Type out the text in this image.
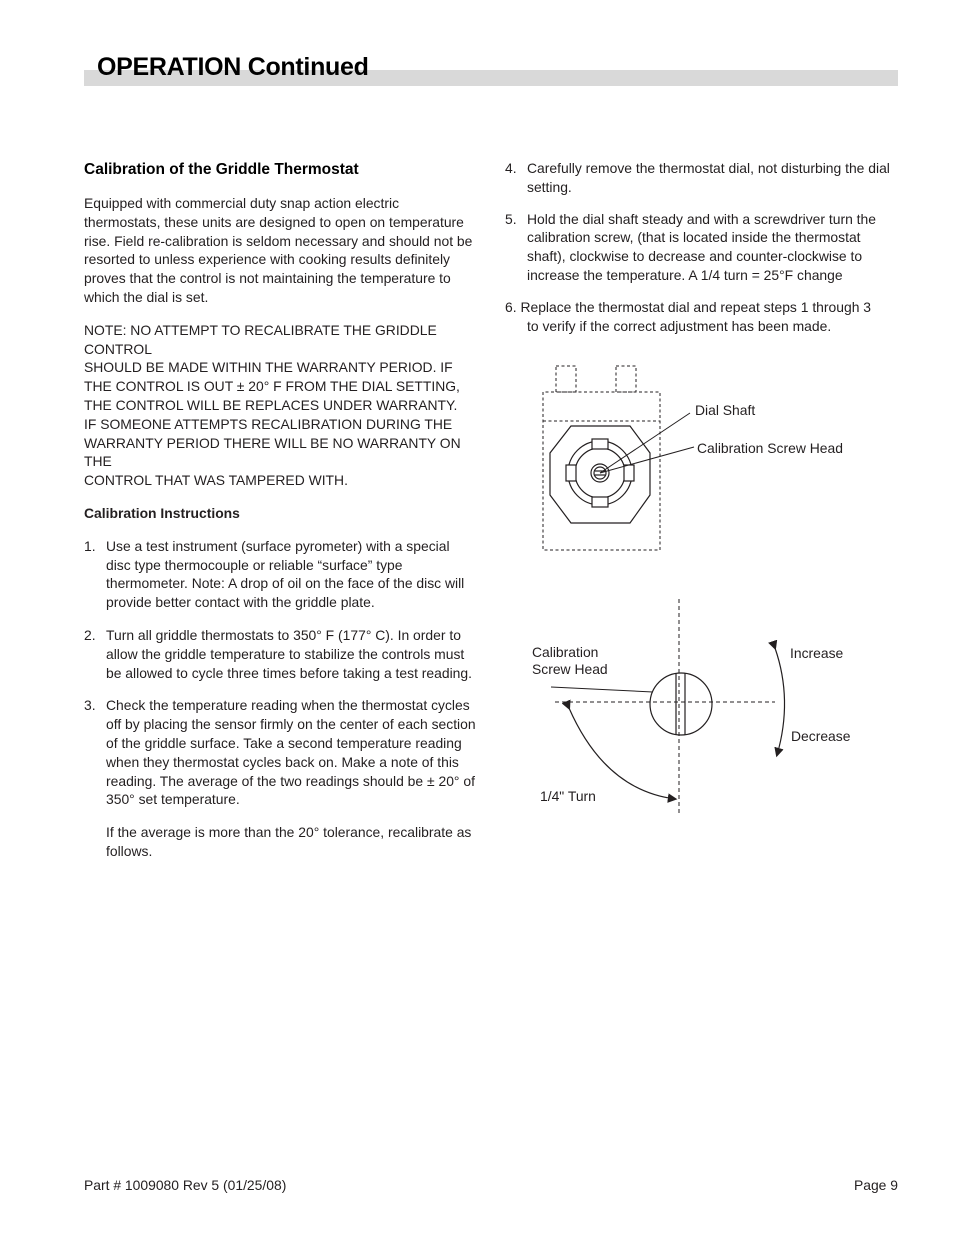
OPERATION Continued
Calibration of the Griddle Thermostat

Equipped with commercial duty snap action electric thermostats, these units are designed to open on temperature rise. Field re-calibration is seldom necessary and should not be resorted to unless experience with cooking results definitely proves that the control is not maintaining the temperature to which the dial is set.

NOTE: NO ATTEMPT TO RECALIBRATE THE GRIDDLE CONTROL
SHOULD BE MADE WITHIN THE WARRANTY PERIOD. IF
THE CONTROL IS OUT ± 20° F FROM THE DIAL SETTING,
THE CONTROL WILL BE REPLACES UNDER WARRANTY.
IF SOMEONE ATTEMPTS RECALIBRATION DURING THE
WARRANTY PERIOD THERE WILL BE NO WARRANTY ON THE
CONTROL THAT WAS TAMPERED WITH.
Calibration Instructions
1. Use a test instrument (surface pyrometer) with a special disc type thermocouple or reliable “surface” type thermometer. Note: A drop of oil on the face of the disc will provide better contact with the griddle plate.
2. Turn all griddle thermostats to 350° F (177° C). In order to allow the griddle temperature to stabilize the controls must be allowed to cycle three times before taking a test reading.
3. Check the temperature reading when the thermostat cycles off by placing the sensor firmly on the center of each section of the griddle surface. Take a second temperature reading when they thermostat cycles back on. Make a note of this reading. The average of the two readings should be ± 20° of 350° set temperature.

If the average is more than the 20° tolerance, recalibrate as follows.

4. Carefully remove the thermostat dial, not disturbing the dial setting.
5. Hold the dial shaft steady and with a screwdriver turn the calibration screw, (that is located inside the thermostat shaft), clockwise to decrease and counter-clockwise to increase the temperature. A 1/4 turn = 25°F change
6. Replace the thermostat dial and repeat steps 1 through 3
to verify if the correct adjustment has been made.
Dial Shaft
Calibration Screw Head
Calibration
Screw Head
Increase
Decrease
1/4" Turn
Part # 1009080 Rev 5 (01/25/08)	Page 9
